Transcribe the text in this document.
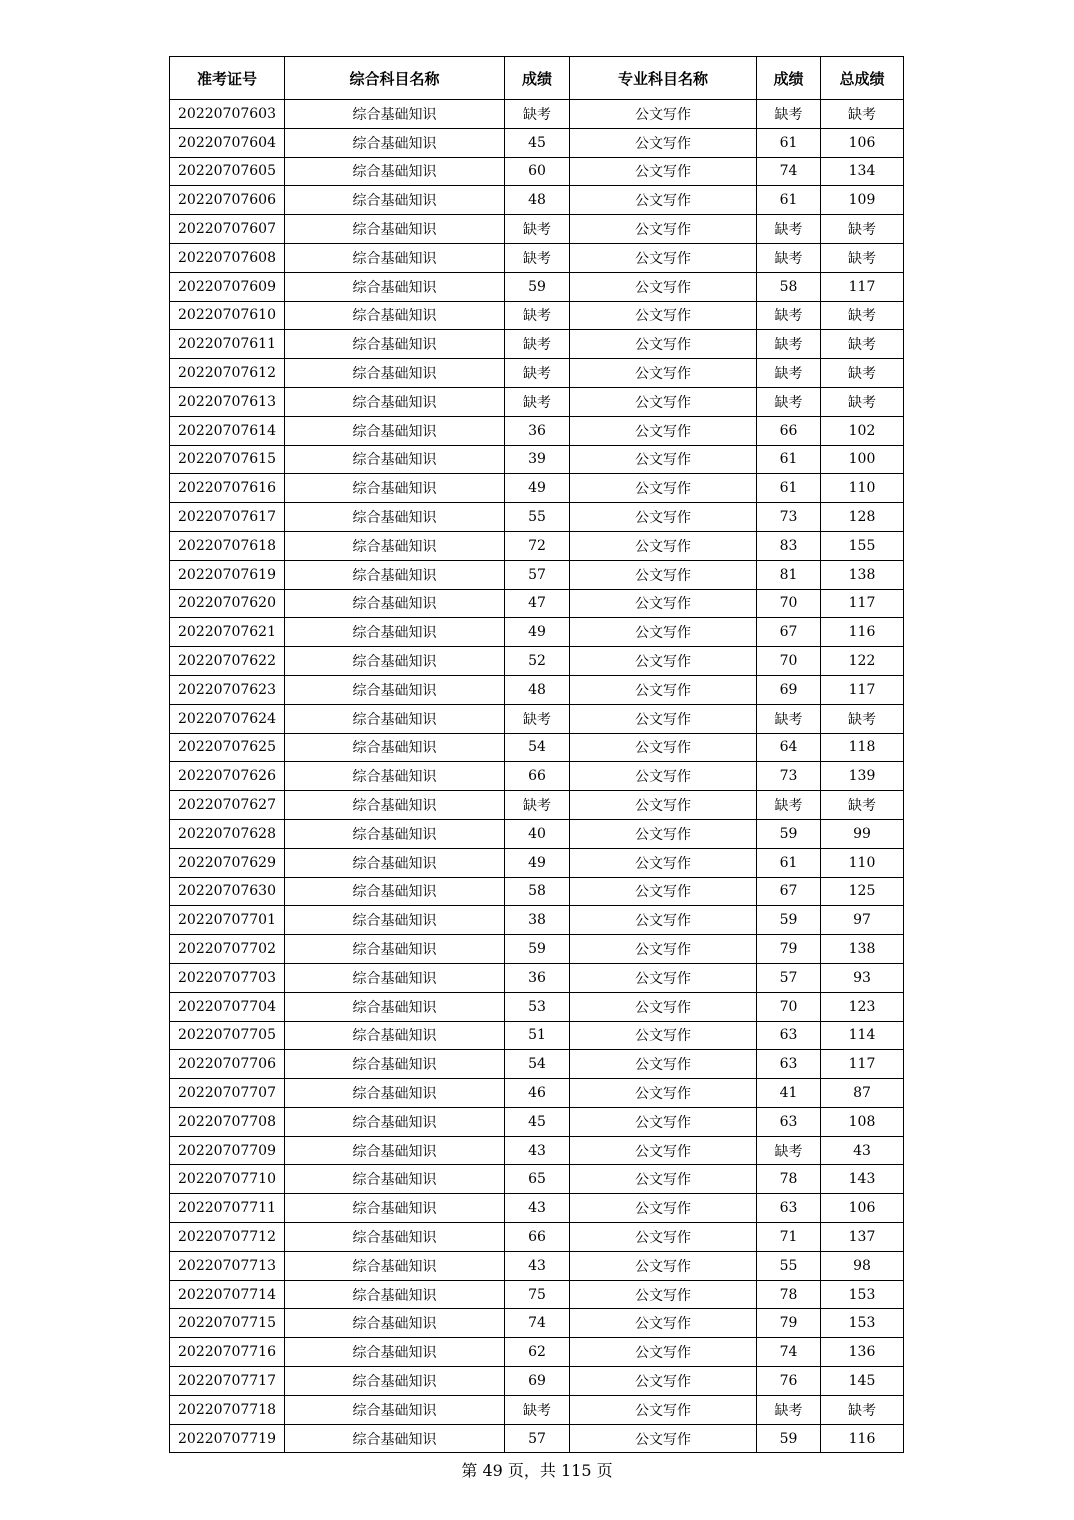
准考证号	综合科目名称	成绩	专业科目名称	成绩	总成绩
20220707603	综合基础知识	缺考	公文写作	缺考	缺考
20220707604	综合基础知识	45	公文写作	61	106
20220707605	综合基础知识	60	公文写作	74	134
20220707606	综合基础知识	48	公文写作	61	109
20220707607	综合基础知识	缺考	公文写作	缺考	缺考
20220707608	综合基础知识	缺考	公文写作	缺考	缺考
20220707609	综合基础知识	59	公文写作	58	117
20220707610	综合基础知识	缺考	公文写作	缺考	缺考
20220707611	综合基础知识	缺考	公文写作	缺考	缺考
20220707612	综合基础知识	缺考	公文写作	缺考	缺考
20220707613	综合基础知识	缺考	公文写作	缺考	缺考
20220707614	综合基础知识	36	公文写作	66	102
20220707615	综合基础知识	39	公文写作	61	100
20220707616	综合基础知识	49	公文写作	61	110
20220707617	综合基础知识	55	公文写作	73	128
20220707618	综合基础知识	72	公文写作	83	155
20220707619	综合基础知识	57	公文写作	81	138
20220707620	综合基础知识	47	公文写作	70	117
20220707621	综合基础知识	49	公文写作	67	116
20220707622	综合基础知识	52	公文写作	70	122
20220707623	综合基础知识	48	公文写作	69	117
20220707624	综合基础知识	缺考	公文写作	缺考	缺考
20220707625	综合基础知识	54	公文写作	64	118
20220707626	综合基础知识	66	公文写作	73	139
20220707627	综合基础知识	缺考	公文写作	缺考	缺考
20220707628	综合基础知识	40	公文写作	59	99
20220707629	综合基础知识	49	公文写作	61	110
20220707630	综合基础知识	58	公文写作	67	125
20220707701	综合基础知识	38	公文写作	59	97
20220707702	综合基础知识	59	公文写作	79	138
20220707703	综合基础知识	36	公文写作	57	93
20220707704	综合基础知识	53	公文写作	70	123
20220707705	综合基础知识	51	公文写作	63	114
20220707706	综合基础知识	54	公文写作	63	117
20220707707	综合基础知识	46	公文写作	41	87
20220707708	综合基础知识	45	公文写作	63	108
20220707709	综合基础知识	43	公文写作	缺考	43
20220707710	综合基础知识	65	公文写作	78	143
20220707711	综合基础知识	43	公文写作	63	106
20220707712	综合基础知识	66	公文写作	71	137
20220707713	综合基础知识	43	公文写作	55	98
20220707714	综合基础知识	75	公文写作	78	153
20220707715	综合基础知识	74	公文写作	79	153
20220707716	综合基础知识	62	公文写作	74	136
20220707717	综合基础知识	69	公文写作	76	145
20220707718	综合基础知识	缺考	公文写作	缺考	缺考
20220707719	综合基础知识	57	公文写作	59	116
第 49 页，共 115 页
